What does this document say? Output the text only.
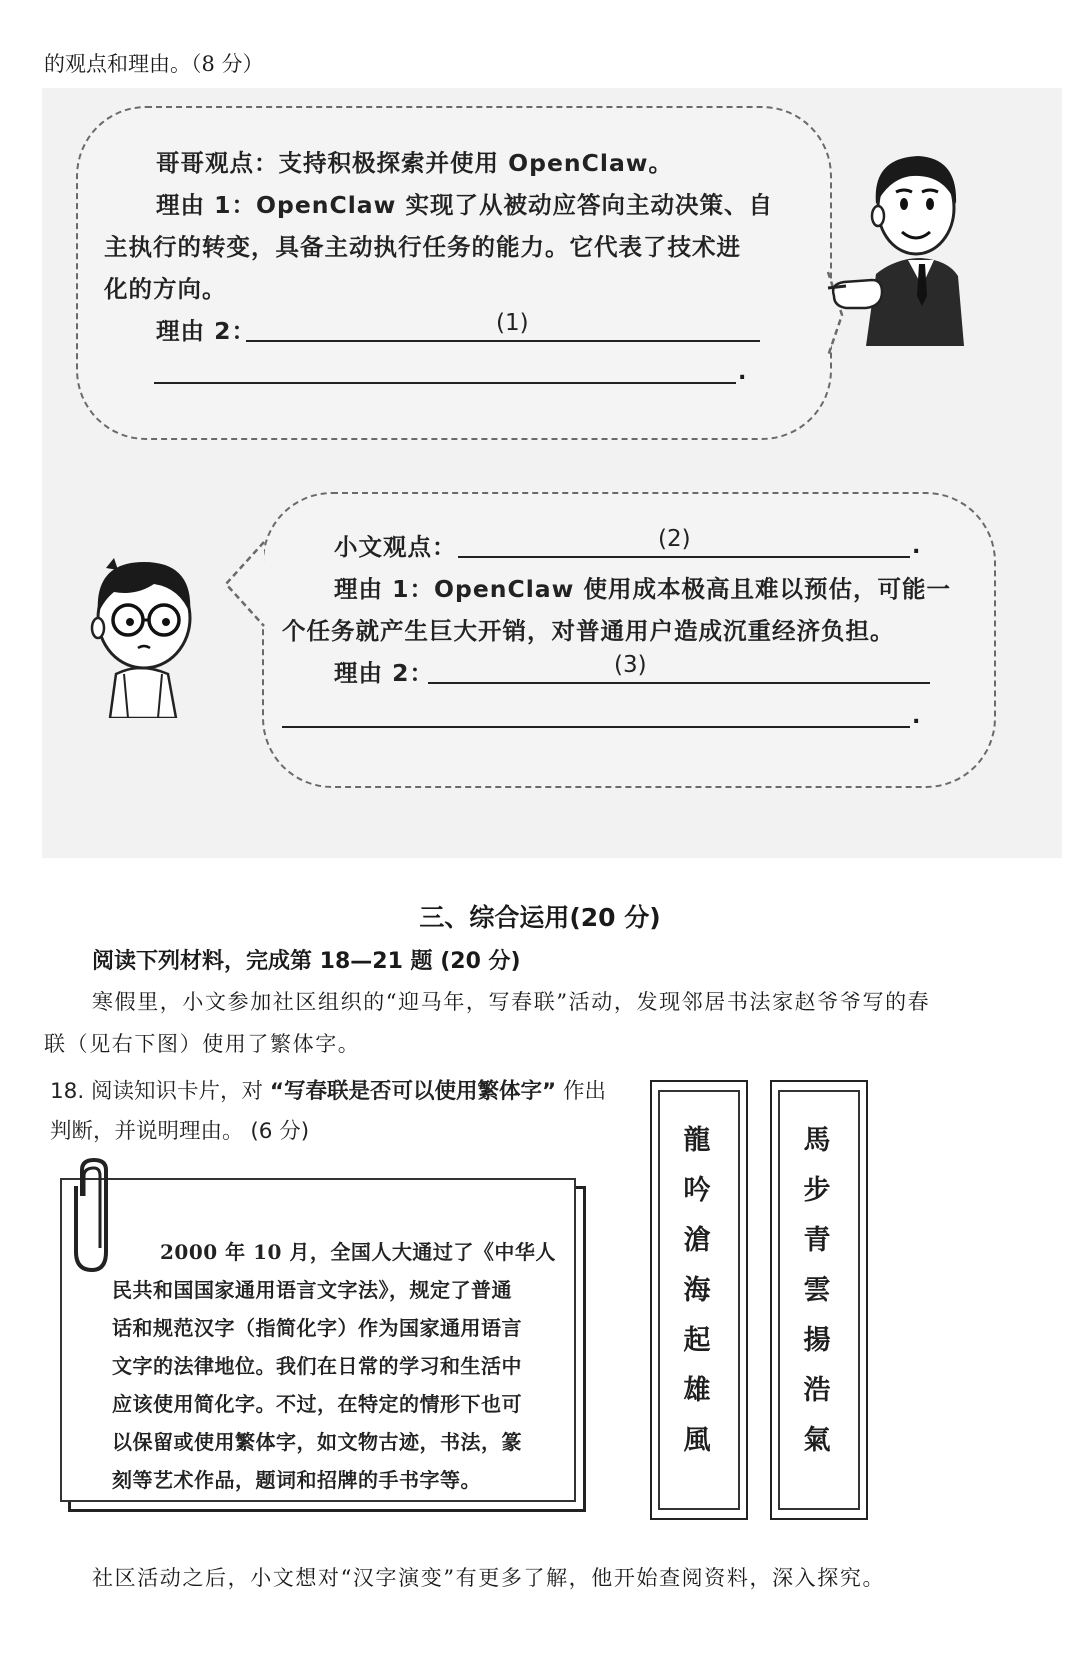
的观点和理由。（8 分）
哥哥观点：支持积极探索并使用 OpenClaw。
理由 1：OpenClaw 实现了从被动应答向主动决策、自
主执行的转变，具备主动执行任务的能力。它代表了技术进
化的方向。
理由 2：	(1)
.
小文观点：	(2)	.
理由 1：OpenClaw 使用成本极高且难以预估，可能一
个任务就产生巨大开销，对普通用户造成沉重经济负担。
理由 2：	(3)
.
三、综合运用(20 分)
阅读下列材料，完成第 18—21 题 (20 分)
寒假里，小文参加社区组织的“迎马年，写春联”活动，发现邻居书法家赵爷爷写的春
联（见右下图）使用了繁体字。
18. 阅读知识卡片，对 “写春联是否可以使用繁体字” 作出
判断，并说明理由。 (6 分)
2000 年 10 月，全国人大通过了《中华人
民共和国国家通用语言文字法》，规定了普通
话和规范汉字（指简化字）作为国家通用语言
文字的法律地位。我们在日常的学习和生活中
应该使用简化字。不过，在特定的情形下也可
以保留或使用繁体字，如文物古迹，书法，篆
刻等艺术作品，题词和招牌的手书字等。
龍
吟
滄
海
起
雄
風
馬
步
青
雲
揚
浩
氣
社区活动之后，小文想对“汉字演变”有更多了解，他开始查阅资料，深入探究。
